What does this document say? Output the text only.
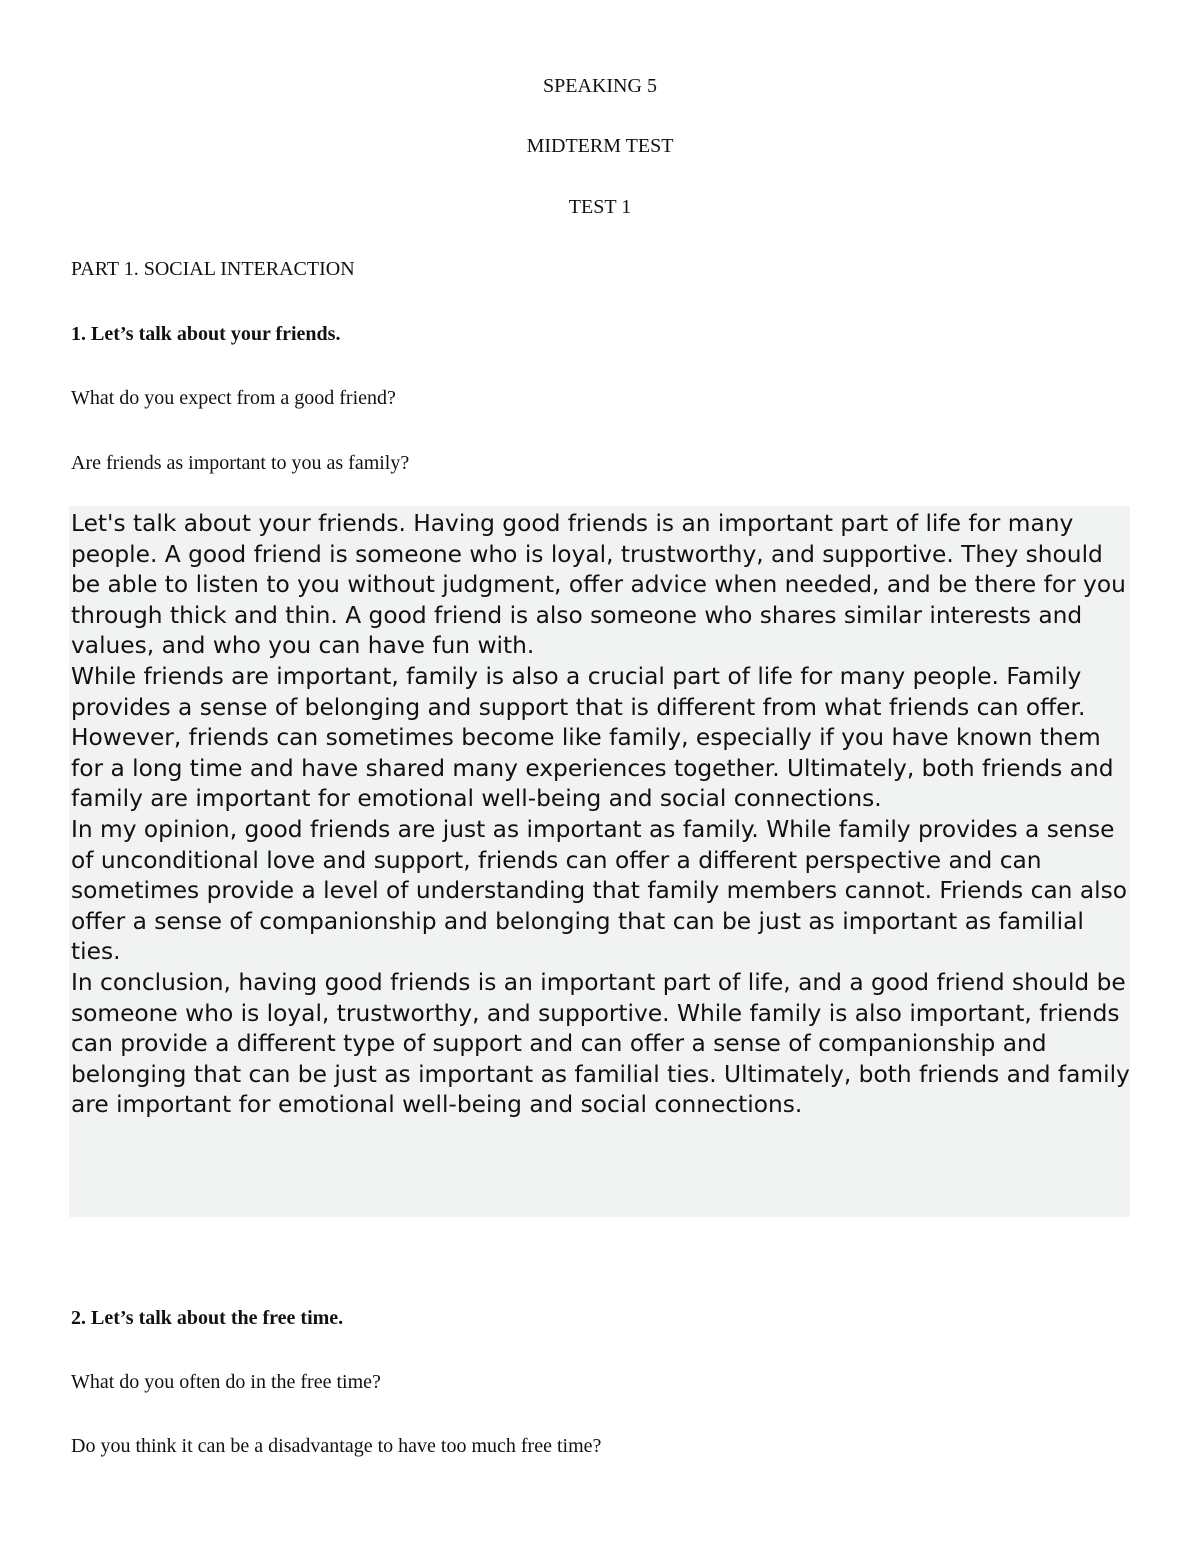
SPEAKING 5
MIDTERM TEST
TEST 1
PART 1. SOCIAL INTERACTION
1. Let’s talk about your friends.
What do you expect from a good friend?
Are friends as important to you as family?

Let's talk about your friends. Having good friends is an important part of life for many people. A good friend is someone who is loyal, trustworthy, and supportive. They should be able to listen to you without judgment, offer advice when needed, and be there for you through thick and thin. A good friend is also someone who shares similar interests and values, and who you can have fun with.

While friends are important, family is also a crucial part of life for many people. Family provides a sense of belonging and support that is different from what friends can offer. However, friends can sometimes become like family, especially if you have known them for a long time and have shared many experiences together. Ultimately, both friends and family are important for emotional well-being and social connections.

In my opinion, good friends are just as important as family. While family provides a sense of unconditional love and support, friends can offer a different perspective and can sometimes provide a level of understanding that family members cannot. Friends can also offer a sense of companionship and belonging that can be just as important as familial ties.

In conclusion, having good friends is an important part of life, and a good friend should be someone who is loyal, trustworthy, and supportive. While family is also important, friends can provide a different type of support and can offer a sense of companionship and belonging that can be just as important as familial ties. Ultimately, both friends and family are important for emotional well-being and social connections.

2. Let’s talk about the free time.
What do you often do in the free time?
Do you think it can be a disadvantage to have too much free time?
